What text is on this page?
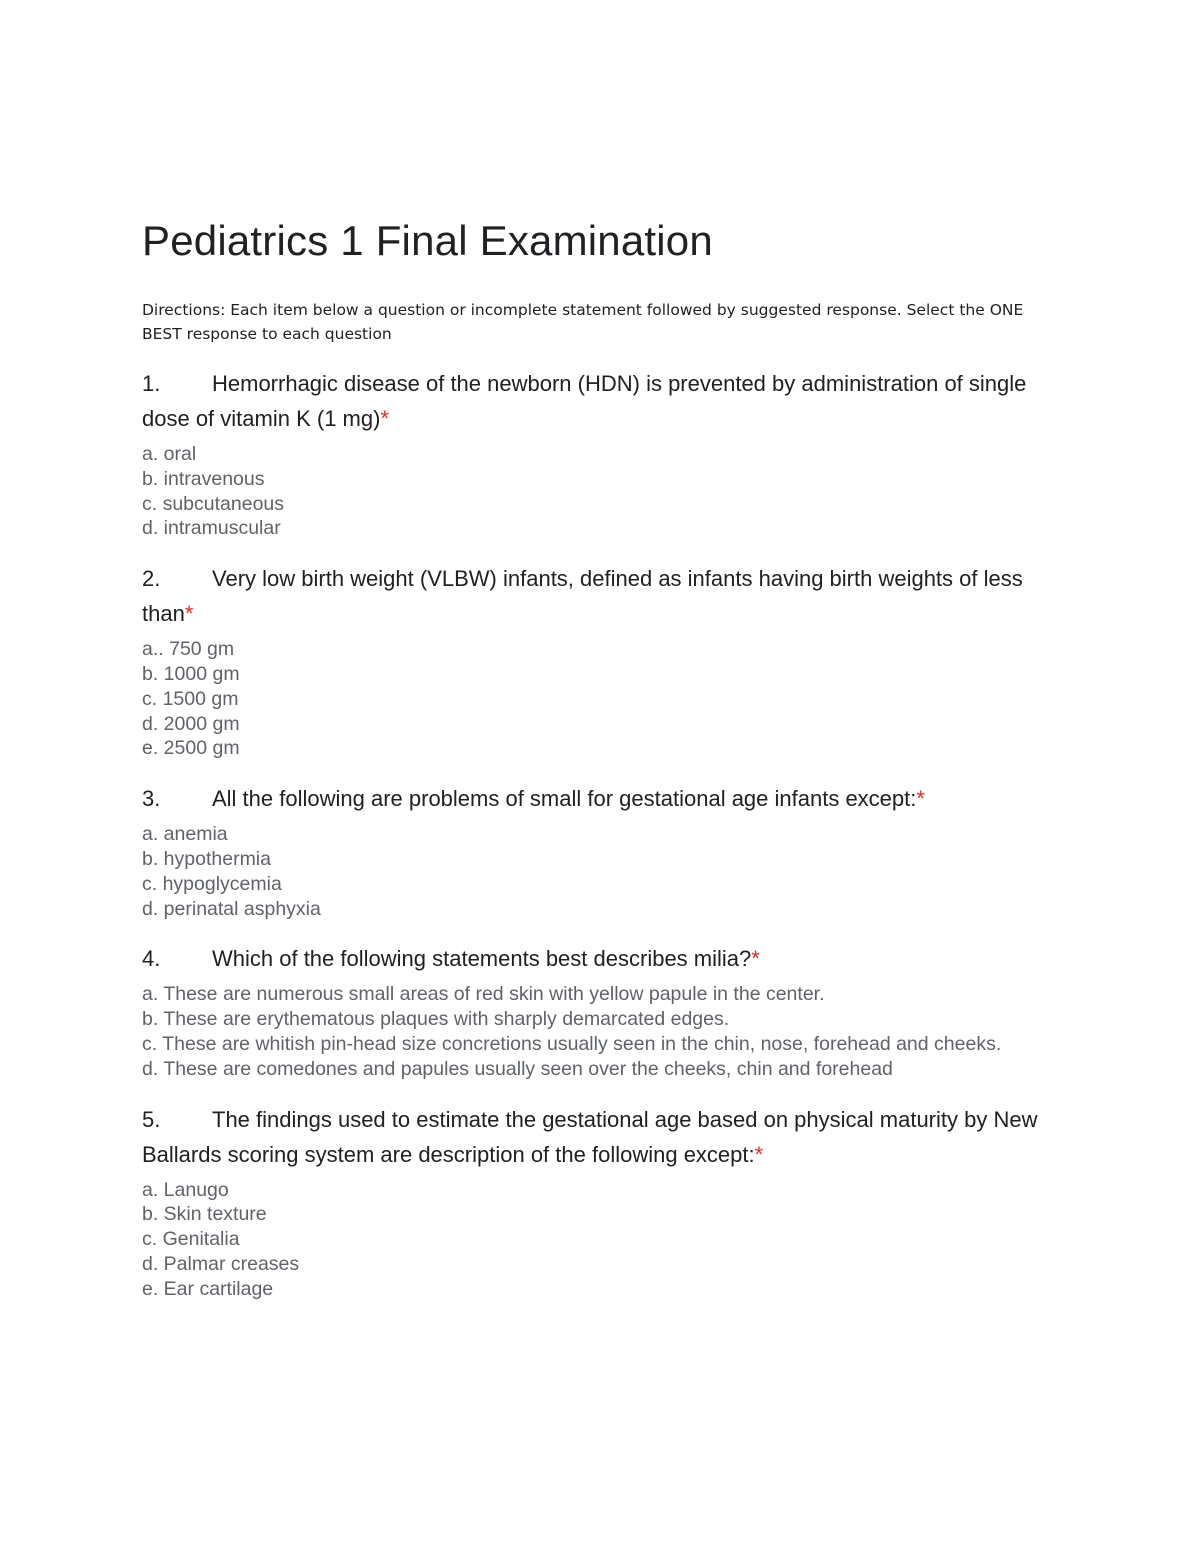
Pediatrics 1 Final Examination

Directions: Each item below a question or incomplete statement followed by suggested response. Select the ONE BEST response to each question

1. Hemorrhagic disease of the newborn (HDN) is prevented by administration of single dose of vitamin K (1 mg)*

a. oral
b. intravenous
c. subcutaneous
d. intramuscular

2. Very low birth weight (VLBW) infants, defined as infants having birth weights of less than*

a.. 750 gm
b. 1000 gm
c. 1500 gm
d. 2000 gm
e. 2500 gm

3. All the following are problems of small for gestational age infants except:*

a. anemia
b. hypothermia
c. hypoglycemia
d. perinatal asphyxia

4. Which of the following statements best describes milia?*

a. These are numerous small areas of red skin with yellow papule in the center.
b. These are erythematous plaques with sharply demarcated edges.
c. These are whitish pin-head size concretions usually seen in the chin, nose, forehead and cheeks.
d. These are comedones and papules usually seen over the cheeks, chin and forehead

5. The findings used to estimate the gestational age based on physical maturity by New Ballards scoring system are description of the following except:*

a. Lanugo
b. Skin texture
c. Genitalia
d. Palmar creases
e. Ear cartilage
